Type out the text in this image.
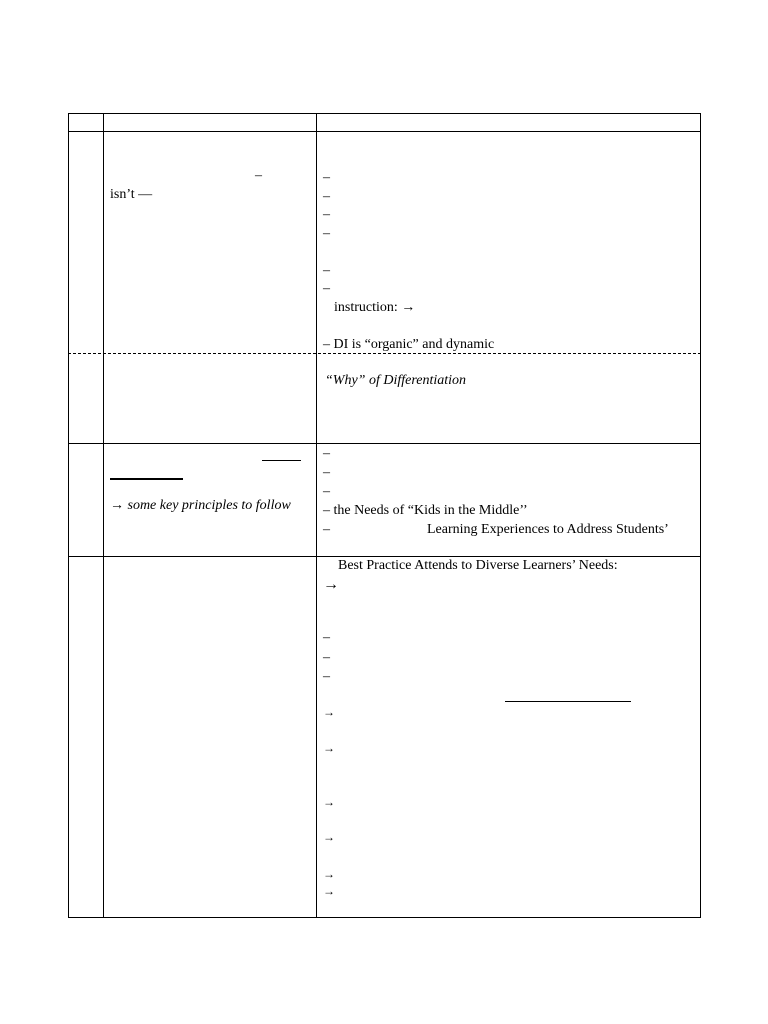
–
isn’t —
–
–
–
–
–
–
instruction: →
– DI is “organic” and dynamic
“Why” of Differentiation
→ some key principles to follow
–
–
–
– the Needs of “Kids in the Middle’’
–	Learning Experiences to Address Students’
Best Practice Attends to Diverse Learners’ Needs:
→
–
–
–
→
→
→
→
→
→
